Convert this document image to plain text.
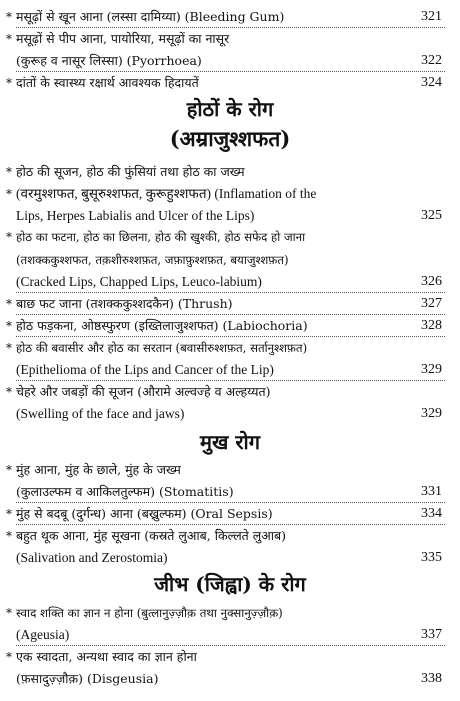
* मसूढ़ों से खून आना (लस्सा दामिय्या) (Bleeding Gum)	321
* मसूढ़ों से पीप आना, पायोरिया, मसूढ़ों का नासूर
(कुरूह व नासूर लिस्सा) (Pyorrhoea)	322
* दांतों के स्वास्थ्य रक्षार्थ आवश्यक हिदायतें	324
होठों के रोग
(अम्राजुश्शफत)
* होठ की सूजन, होठ की फुंसियां तथा होठ का जख्म
* (वरमुश्शफत, बुसूरुश्शफत, कुरूहुश्शफत) (Inflamation of the
Lips, Herpes Labialis and Ulcer of the Lips)	325
* होठ का फटना, होठ का छिलना, होठ की खुश्की, होठ सफेद हो जाना
(तशक्ककुश्शफत, तक़शीरुश्शफ़त, जफ़ाफ़ुश्शफ़त, बयाजुश्शफ़त)
(Cracked Lips, Chapped Lips, Leuco-labium)	326
* बाछ फट जाना (तशक्ककुश्शदकैन) (Thrush)	327
* होठ फड़कना, ओष्ठस्फुरण (इख्तिलाजुश्शफत) (Labiochoria)	328
* होठ की बवासीर और होठ का सरतान (बवासीरुश्शफ़त, सर्तानुश्शफ़त)
(Epithelioma of the Lips and Cancer of the Lip)	329
* चेहरे और जबड़ों की सूजन (औरामे अल्वज्हे व अल्हय्यत)
(Swelling of the face and jaws)	329
मुख रोग
* मुंह आना, मुंह के छाले, मुंह के जख्म
(कुलाउल्फम व आकिलतुल्फम) (Stomatitis)	331
* मुंह से बदबू (दुर्गन्ध) आना (बख्रुल्फम) (Oral Sepsis)	334
* बहुत थूक आना, मुंह सूखना (कस्रते लुआब, किल्लते लुआब)
(Salivation and Zerostomia)	335
जीभ (जिह्वा) के रोग
* स्वाद शक्ति का ज्ञान न होना (बुत्लानुज़्ज़ौक़ तथा नुक्सानुज़्ज़ौक़)
(Ageusia)	337
* एक स्वादता, अन्यथा स्वाद का ज्ञान होना
(फ़सादुज़्ज़ौक़) (Disgeusia)	338
